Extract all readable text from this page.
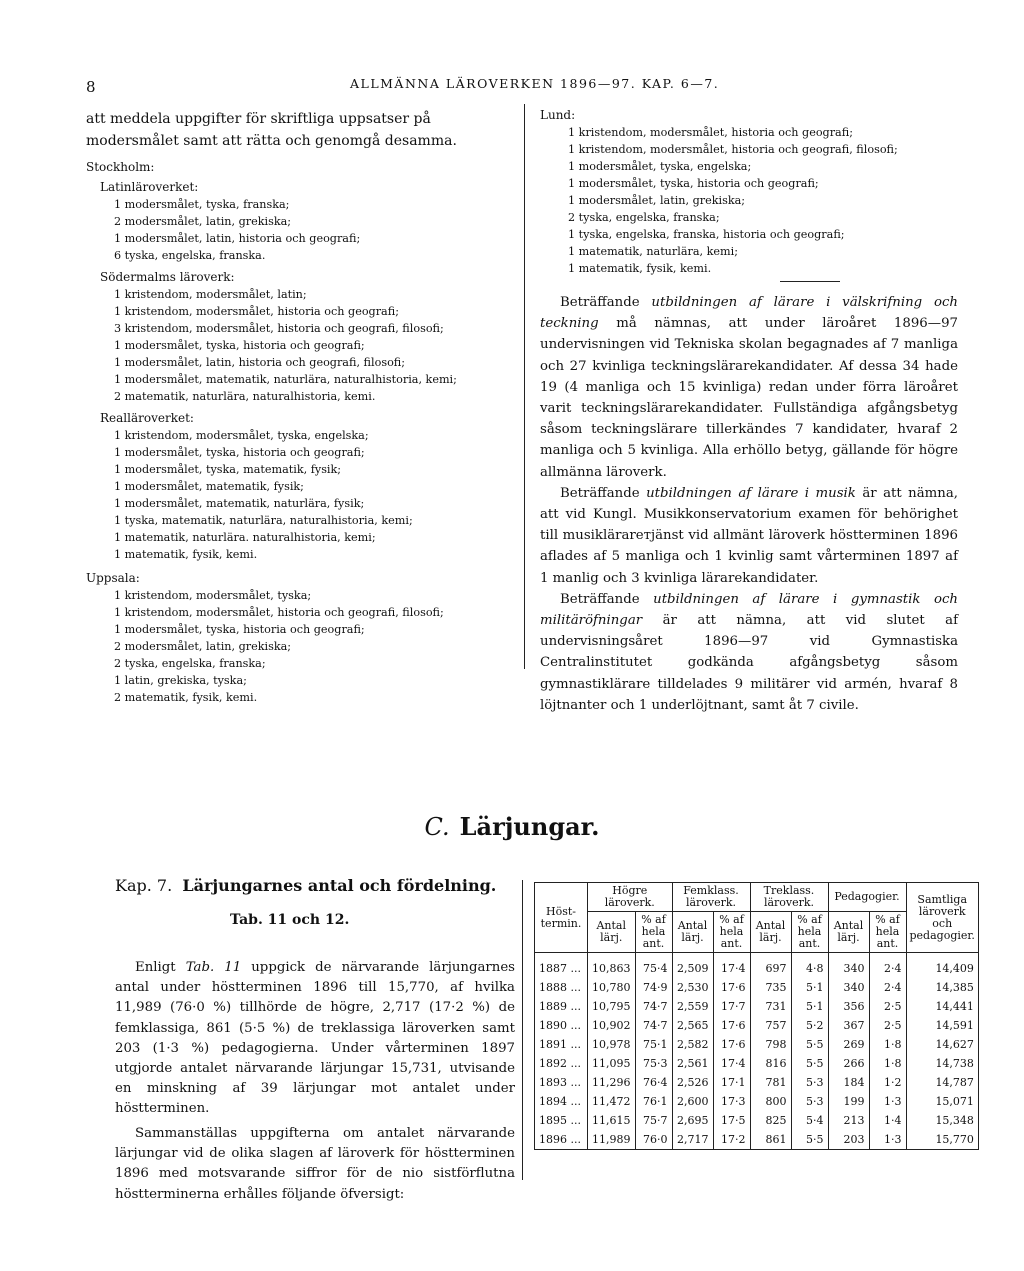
8	ALLMÄNNA LÄROVERKEN 1896—97. KAP. 6—7.

att meddela uppgifter för skriftliga uppsatser på modersmålet samt att rätta och genomgå desamma.

Stockholm:
Latinläroverket:
1 modersmålet, tyska, franska;
2 modersmålet, latin, grekiska;
1 modersmålet, latin, historia och geografi;
6 tyska, engelska, franska.
Södermalms läroverk:
1 kristendom, modersmålet, latin;
1 kristendom, modersmålet, historia och geografi;
3 kristendom, modersmålet, historia och geografi, filosofi;
1 modersmålet, tyska, historia och geografi;
1 modersmålet, latin, historia och geografi, filosofi;
1 modersmålet, matematik, naturlära, naturalhistoria, kemi;
2 matematik, naturlära, naturalhistoria, kemi.
Realläroverket:
1 kristendom, modersmålet, tyska, engelska;
1 modersmålet, tyska, historia och geografi;
1 modersmålet, tyska, matematik, fysik;
1 modersmålet, matematik, fysik;
1 modersmålet, matematik, naturlära, fysik;
1 tyska, matematik, naturlära, naturalhistoria, kemi;
1 matematik, naturlära. naturalhistoria, kemi;
1 matematik, fysik, kemi.
Uppsala:
1 kristendom, modersmålet, tyska;
1 kristendom, modersmålet, historia och geografi, filosofi;
1 modersmålet, tyska, historia och geografi;
2 modersmålet, latin, grekiska;
2 tyska, engelska, franska;
1 latin, grekiska, tyska;
2 matematik, fysik, kemi.
Lund:
1 kristendom, modersmålet, historia och geografi;
1 kristendom, modersmålet, historia och geografi, filosofi;
1 modersmålet, tyska, engelska;
1 modersmålet, tyska, historia och geografi;
1 modersmålet, latin, grekiska;
2 tyska, engelska, franska;
1 tyska, engelska, franska, historia och geografi;
1 matematik, naturlära, kemi;
1 matematik, fysik, kemi.

Beträffande utbildningen af lärare i välskrifning och teckning må nämnas, att under läroåret 1896—97 undervisningen vid Tekniska skolan begagnades af 7 manliga och 27 kvinliga teckningslärarekandidater. Af dessa 34 hade 19 (4 manliga och 15 kvinliga) redan under förra läroåret varit teckningslärarekandidater. Fullständiga afgångsbetyg såsom teckningslärare tillerkändes 7 kandidater, hvaraf 2 manliga och 5 kvinliga. Alla erhöllo betyg, gällande för högre allmänna läroverk.

Beträffande utbildningen af lärare i musik är att nämna, att vid Kungl. Musikkonservatorium examen för behörighet till musiklärarетjänst vid allmänt läroverk höstterminen 1896 aflades af 5 manliga och 1 kvinlig samt vårterminen 1897 af 1 manlig och 3 kvinliga lärarekandidater.

Beträffande utbildningen af lärare i gymnastik och militäröfningar är att nämna, att vid slutet af undervisningsåret 1896—97 vid Gymnastiska Centralinstitutet godkända afgångsbetyg såsom gymnastiklärare tilldelades 9 militärer vid armén, hvaraf 8 löjtnanter och 1 underlöjtnant, samt åt 7 civile.

C. Lärjungar.
Kap. 7. Lärjungarnes antal och fördelning.
Tab. 11 och 12.

Enligt Tab. 11 uppgick de närvarande lärjungarnes antal under höstterminen 1896 till 15,770, af hvilka 11,989 (76·0 %) tillhörde de högre, 2,717 (17·2 %) de femklassiga, 861 (5·5 %) de treklassiga läroverken samt 203 (1·3 %) pedagogierna. Under vårterminen 1897 utgjorde antalet närvarande lärjungar 15,731, utvisande en minskning af 39 lärjungar mot antalet under höstterminen.

Sammanställas uppgifterna om antalet närvarande lärjungar vid de olika slagen af läroverk för höstterminen 1896 med motsvarande siffror för de nio sistförflutna höstterminerna erhålles följande öfversigt:

Höst-termin.	Högre läroverk.		Femklass. läroverk.		Treklass. läroverk.		Pedagogier.		Samtliga läroverk och pedagogier.
	Antal lärj.	% af hela ant.	Antal lärj.	% af hela ant.	Antal lärj.	% af hela ant.	Antal lärj.	% af hela ant.	
1887 ...	10,863	75·4	2,509	17·4	697	4·8	340	2·4	14,409
1888 ...	10,780	74·9	2,530	17·6	735	5·1	340	2·4	14,385
1889 ...	10,795	74·7	2,559	17·7	731	5·1	356	2·5	14,441
1890 ...	10,902	74·7	2,565	17·6	757	5·2	367	2·5	14,591
1891 ...	10,978	75·1	2,582	17·6	798	5·5	269	1·8	14,627
1892 ...	11,095	75·3	2,561	17·4	816	5·5	266	1·8	14,738
1893 ...	11,296	76·4	2,526	17·1	781	5·3	184	1·2	14,787
1894 ...	11,472	76·1	2,600	17·3	800	5·3	199	1·3	15,071
1895 ...	11,615	75·7	2,695	17·5	825	5·4	213	1·4	15,348
1896 ...	11,989	76·0	2,717	17·2	861	5·5	203	1·3	15,770
